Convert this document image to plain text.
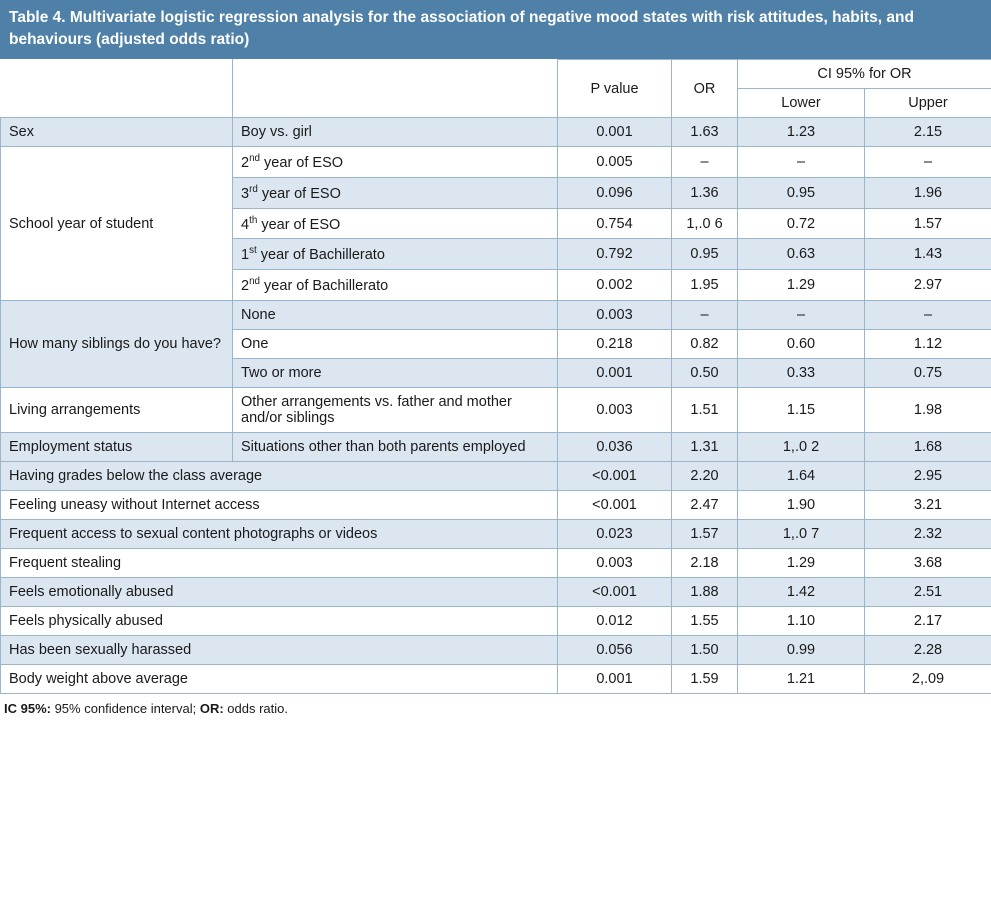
Table 4. Multivariate logistic regression analysis for the association of negative mood states with risk attitudes, habits, and behaviours (adjusted odds ratio)
		P value	OR	CI 95% for OR	
				Lower	Upper
Sex	Boy vs. girl	0.001	1.63	1.23	2.15
School year of student	2nd year of ESO	0.005	–	–	–
	3rd year of ESO	0.096	1.36	0.95	1.96
	4th year of ESO	0.754	1,.0 6	0.72	1.57
	1st year of Bachillerato	0.792	0.95	0.63	1.43
	2nd year of Bachillerato	0.002	1.95	1.29	2.97
How many siblings do you have?	None	0.003	–	–	–
	One	0.218	0.82	0.60	1.12
	Two or more	0.001	0.50	0.33	0.75
Living arrangements	Other arrangements vs. father and mother and/or siblings	0.003	1.51	1.15	1.98
Employment status	Situations other than both parents employed	0.036	1.31	1,.0 2	1.68
Having grades below the class average		<0.001	2.20	1.64	2.95
Feeling uneasy without Internet access		<0.001	2.47	1.90	3.21
Frequent access to sexual content photographs or videos		0.023	1.57	1,.0 7	2.32
Frequent stealing		0.003	2.18	1.29	3.68
Feels emotionally abused		<0.001	1.88	1.42	2.51
Feels physically abused		0.012	1.55	1.10	2.17
Has been sexually harassed		0.056	1.50	0.99	2.28
Body weight above average		0.001	1.59	1.21	2,.09
IC 95%: 95% confidence interval; OR: odds ratio.
